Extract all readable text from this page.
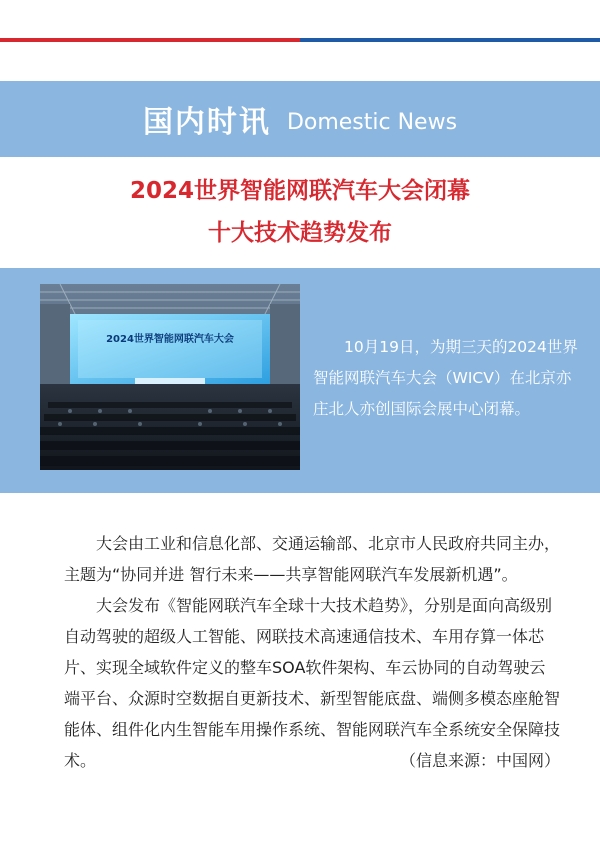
国内时讯 Domestic News
2024世界智能网联汽车大会闭幕
十大技术趋势发布
2024世界智能网联汽车大会	10月19日，为期三天的2024世界智能网联汽车大会（WICV）在北京亦庄北人亦创国际会展中心闭幕。

大会由工业和信息化部、交通运输部、北京市人民政府共同主办，主题为“协同并进 智行未来——共享智能网联汽车发展新机遇”。

大会发布《智能网联汽车全球十大技术趋势》，分别是面向高级别自动驾驶的超级人工智能、网联技术高速通信技术、车用存算一体芯片、实现全域软件定义的整车SOA软件架构、车云协同的自动驾驶云端平台、众源时空数据自更新技术、新型智能底盘、端侧多模态座舱智能体、组件化内生智能车用操作系统、智能网联汽车全系统安全保障技术。	（信息来源：中国网）
